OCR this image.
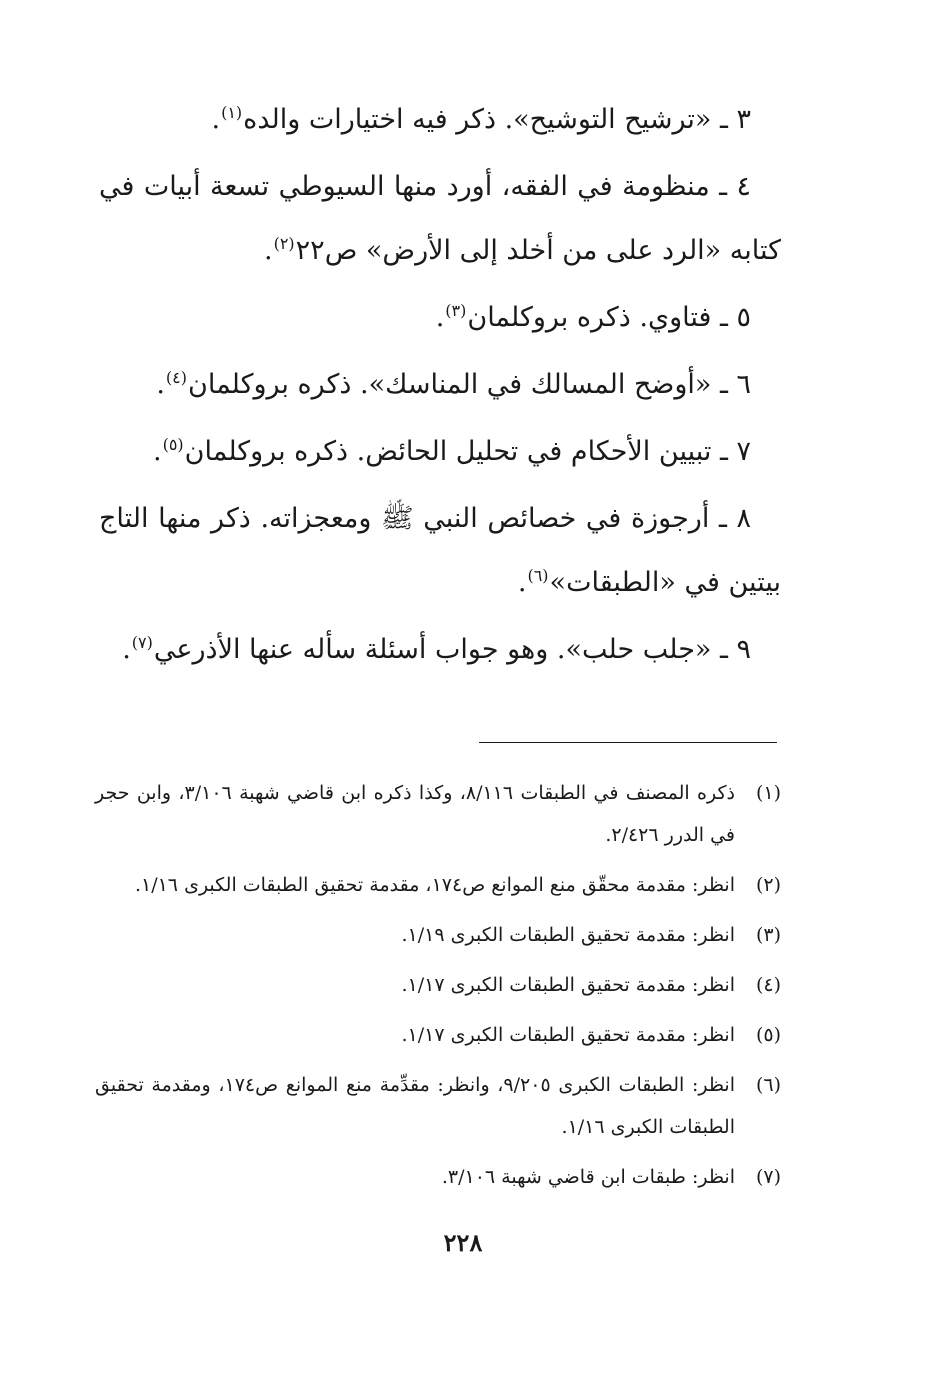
٣ ـ «ترشيح التوشيح». ذكر فيه اختيارات والده$^{(١)}$.

٤ ـ منظومة في الفقه، أورد منها السيوطي تسعة أبيات في كتابه «الرد على من أخلد إلى الأرض» ص٢٢$^{(٢)}$.

٥ ـ فتاوي. ذكره بروكلمان$^{(٣)}$.

٦ ـ «أوضح المسالك في المناسك». ذكره بروكلمان$^{(٤)}$.

٧ ـ تبيين الأحكام في تحليل الحائض. ذكره بروكلمان$^{(٥)}$.

٨ ـ أرجوزة في خصائص النبي ﷺ ومعجزاته. ذكر منها التاج بيتين في «الطبقات»$^{(٦)}$.

٩ ـ «جلب حلب». وهو جواب أسئلة سأله عنها الأذرعي$^{(٧)}$.

(١)
ذكره المصنف في الطبقات ٨/١١٦، وكذا ذكره ابن قاضي شهبة ٣/١٠٦، وابن حجر في الدرر ٢/٤٢٦.
(٢)
انظر: مقدمة محقّق منع الموانع ص١٧٤، مقدمة تحقيق الطبقات الكبرى ١/١٦.
(٣)
انظر: مقدمة تحقيق الطبقات الكبرى ١/١٩.
(٤)
انظر: مقدمة تحقيق الطبقات الكبرى ١/١٧.
(٥)
انظر: مقدمة تحقيق الطبقات الكبرى ١/١٧.
(٦)
انظر: الطبقات الكبرى ٩/٢٠٥، وانظر: مقدِّمة منع الموانع ص١٧٤، ومقدمة تحقيق الطبقات الكبرى ١/١٦.
(٧)
انظر: طبقات ابن قاضي شهبة ٣/١٠٦.
٢٢٨
